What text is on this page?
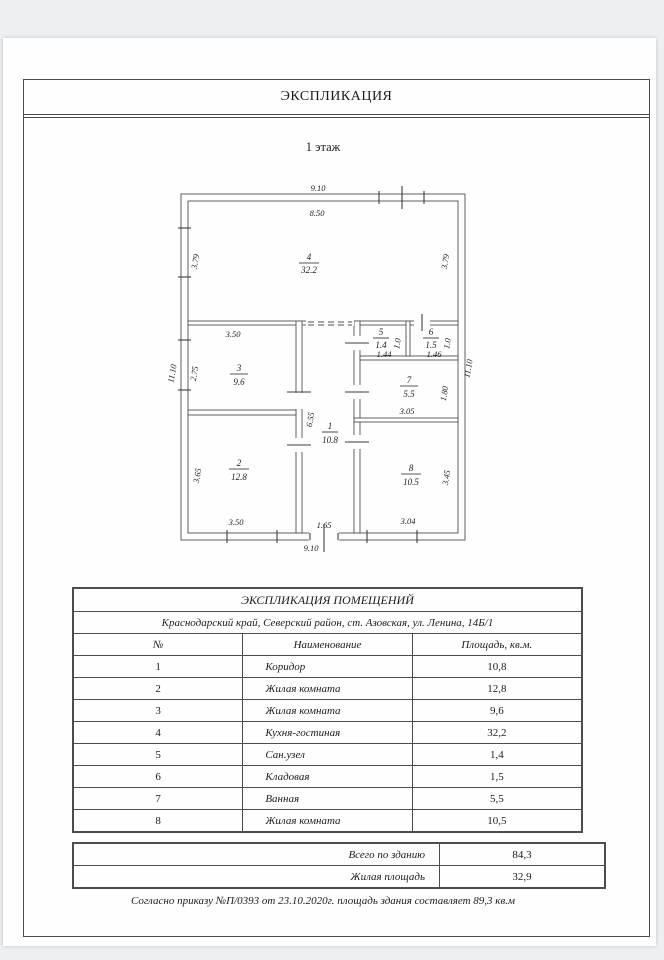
ЭКСПЛИКАЦИЯ
1 этаж
9.10
9.10
11.10	11.10
8.50
3.79	3.79
4
32.2
3.50
2.75	3
9.6
5
1.4
1.44
1.0
6
1.5
1.46
1.0
7
5.5
3.05
1.80
6.55 1
10.8
1.65
2
12.8
3.65
3.50
8
10.5 3.45
3.04
ЭКСПЛИКАЦИЯ ПОМЕЩЕНИЙ		
Краснодарский край, Северский район, ст. Азовская, ул. Ленина, 14Б/1		
№	Наименование	Площадь, кв.м.
1	Коридор	10,8
2	Жилая комната	12,8
3	Жилая комната	9,6
4	Кухня-гостиная	32,2
5	Сан.узел	1,4
6	Кладовая	1,5
7	Ванная	5,5
8	Жилая комната	10,5
Всего по зданию	84,3
Жилая площадь	32,9
Согласно приказу №П/0393 от 23.10.2020г. площадь здания составляет 89,3 кв.м
